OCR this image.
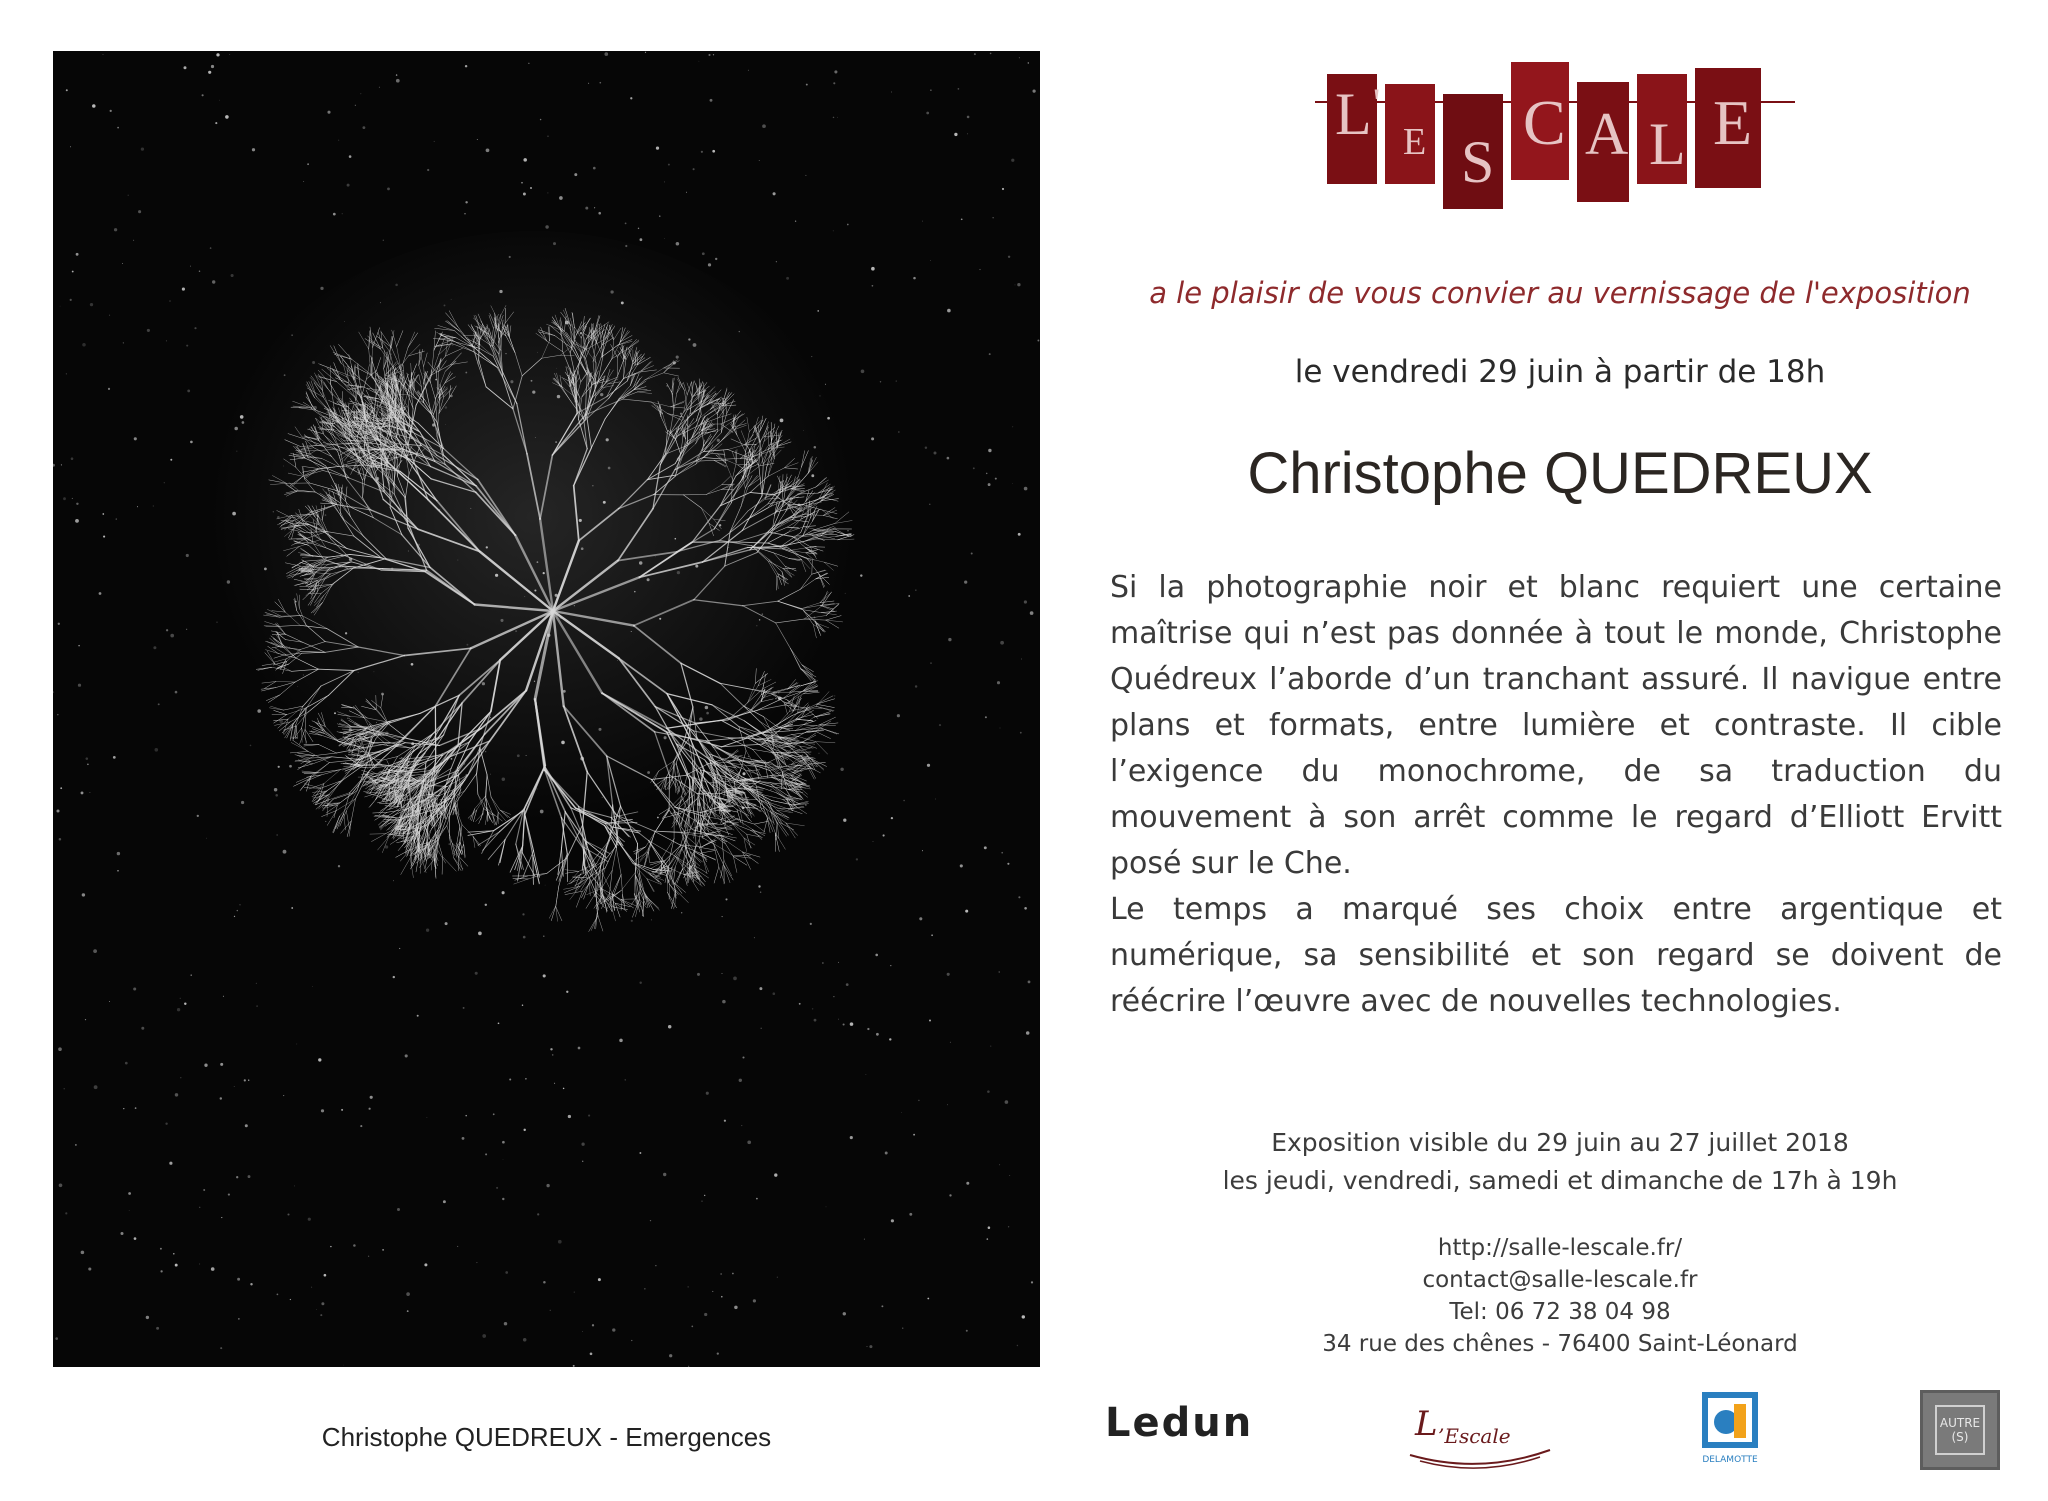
Christophe QUEDREUX - Emergences
L '
E S
C A L E
a le plaisir de vous convier au vernissage de l'exposition
le vendredi 29 juin à partir de 18h
Christophe QUEDREUX

Si la photographie noir et blanc requiert une certaine maîtrise qui n’est pas donnée à tout le monde, Christophe Quédreux l’aborde d’un tranchant assuré. Il navigue entre plans et formats, entre lumière et contraste. Il cible l’exigence du monochrome, de sa traduction du mouvement à son arrêt comme le regard d’Elliott Ervitt posé sur le Che.

Le temps a marqué ses choix entre argentique et numérique, sa sensibilité et son regard se doivent de réécrire l’œuvre avec de nouvelles technologies.

Exposition visible du 29 juin au 27 juillet 2018
les jeudi, vendredi, samedi et dimanche de 17h à 19h
http://salle-lescale.fr/
contact@salle-lescale.fr
Tel: 06 72 38 04 98
34 rue des chênes - 76400 Saint-Léonard
Ledun	L ’Escale
DELAMOTTE
AUTRE
(S)
